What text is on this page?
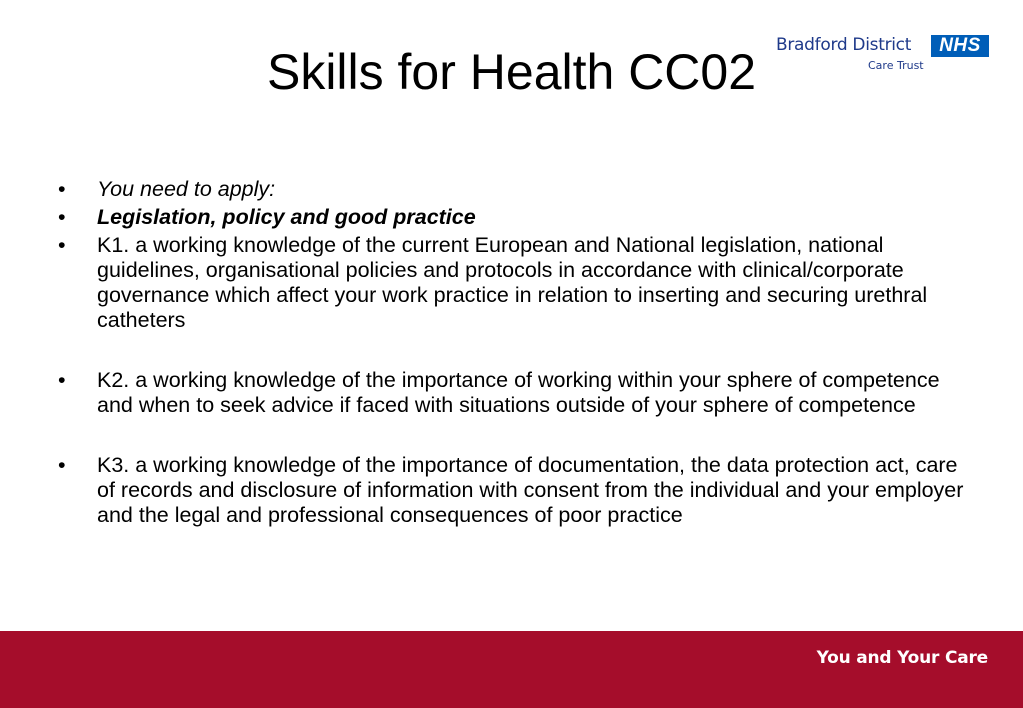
Skills for Health CC02	Bradford District	NHS
Care Trust
• You need to apply:
• Legislation, policy and good practice
• K1. a working knowledge of the current European and National legislation, national guidelines, organisational policies and protocols in accordance with clinical/corporate governance which affect your work practice in relation to inserting and securing urethral catheters
• K2. a working knowledge of the importance of working within your sphere of competence and when to seek advice if faced with situations outside of your sphere of competence
• K3. a working knowledge of the importance of documentation, the data protection act, care of records and disclosure of information with consent from the individual and your employer and the legal and professional consequences of poor practice
You and Your Care
